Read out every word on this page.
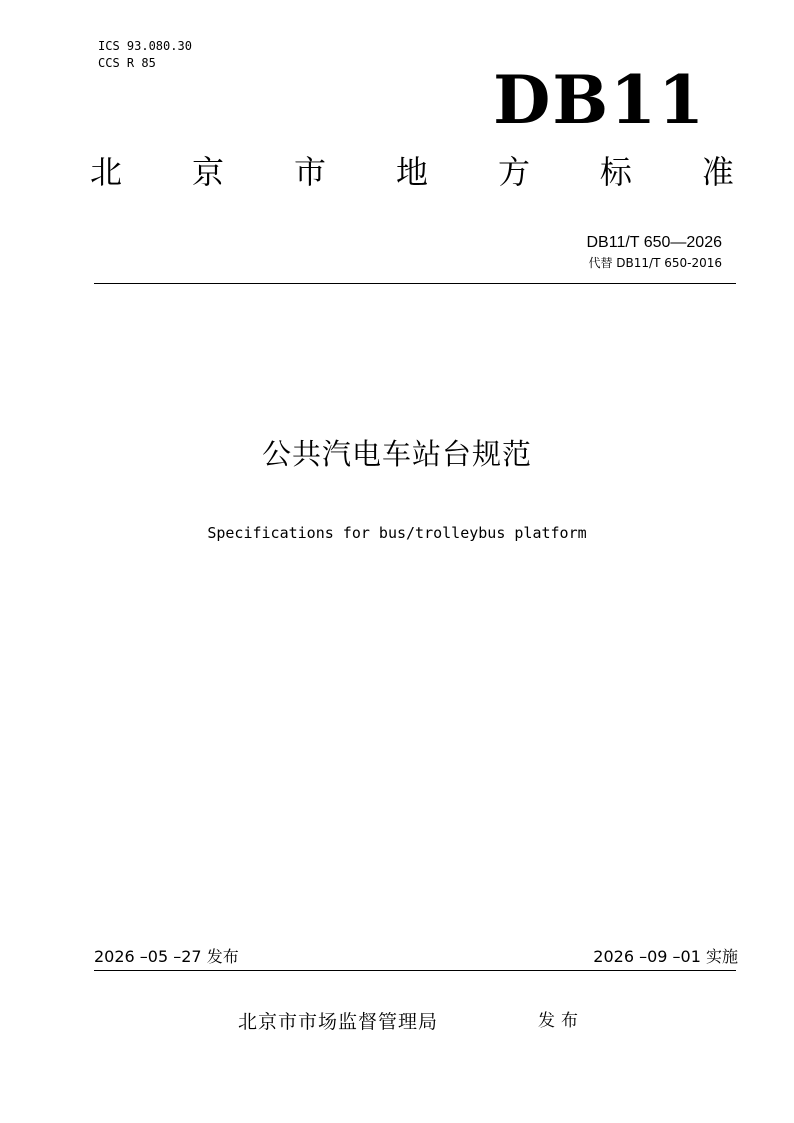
ICS 93.080.30
CCS R 85	DB11
北 京 市 地 方 标 准
DB11/T 650—2026
代替 DB11/T 650-2016
公共汽电车站台规范
Specifications for bus/trolleybus platform
2026 –05 –27 发布	2026 –09 –01 实施
北京市市场监督管理局	发布
